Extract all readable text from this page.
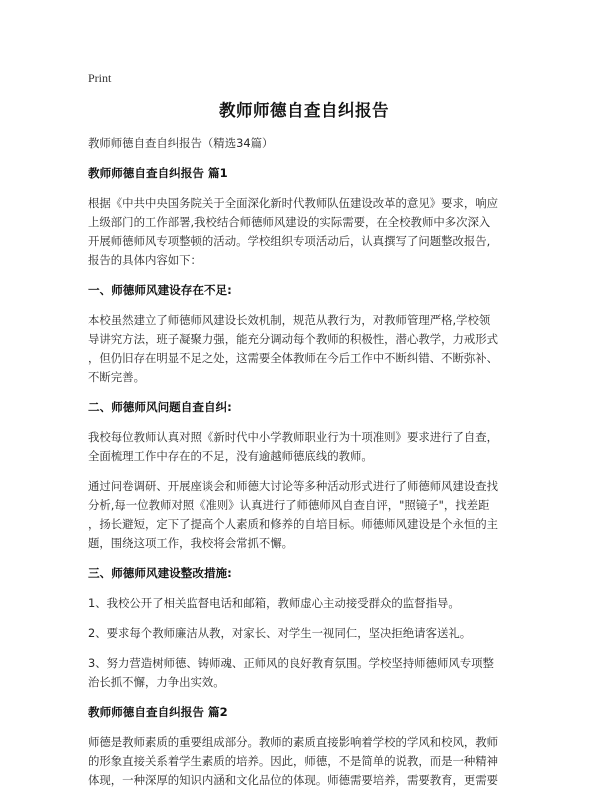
Print
教师师德自查自纠报告

教师师德自查自纠报告（精选34篇）

教师师德自查自纠报告 篇1

根据《中共中央国务院关于全面深化新时代教师队伍建设改革的意见》要求，响应

上级部门的工作部署,我校结合师德师风建设的实际需要，在全校教师中多次深入

开展师德师风专项整顿的活动。学校组织专项活动后，认真撰写了问题整改报告,

报告的具体内容如下：

一、师德师风建设存在不足:

本校虽然建立了师德师风建设长效机制，规范从教行为，对教师管理严格,学校领

导讲究方法，班子凝聚力强，能充分调动每个教师的积极性，潜心教学，力戒形式

，但仍旧存在明显不足之处，这需要全体教师在今后工作中不断纠错、不断弥补、

不断完善。

二、师德师风问题自查自纠:

我校每位教师认真对照《新时代中小学教师职业行为十项准则》要求进行了自查，

全面梳理工作中存在的不足，没有逾越师德底线的教师。

通过问卷调研、开展座谈会和师德大讨论等多种活动形式进行了师德师风建设查找

分析,每一位教师对照《准则》认真进行了师德师风自查自评，"照镜子"，找差距

，扬长避短，定下了提高个人素质和修养的自培目标。师德师风建设是个永恒的主

题，围绕这项工作，我校将会常抓不懈。

三、师德师风建设整改措施:

1、我校公开了相关监督电话和邮箱，教师虚心主动接受群众的监督指导。

2、要求每个教师廉洁从教，对家长、对学生一视同仁，坚决拒绝请客送礼。

3、努力营造树师德、铸师魂、正师风的良好教育氛围。学校坚持师德师风专项整

治长抓不懈，力争出实效。

教师师德自查自纠报告 篇2

师德是教师素质的重要组成部分。教师的素质直接影响着学校的学风和校风，教师

的形象直接关系着学生素质的培养。因此，师德，不是简单的说教，而是一种精神

体现，一种深厚的知识内涵和文化品位的体现。师德需要培养，需要教育，更需要
